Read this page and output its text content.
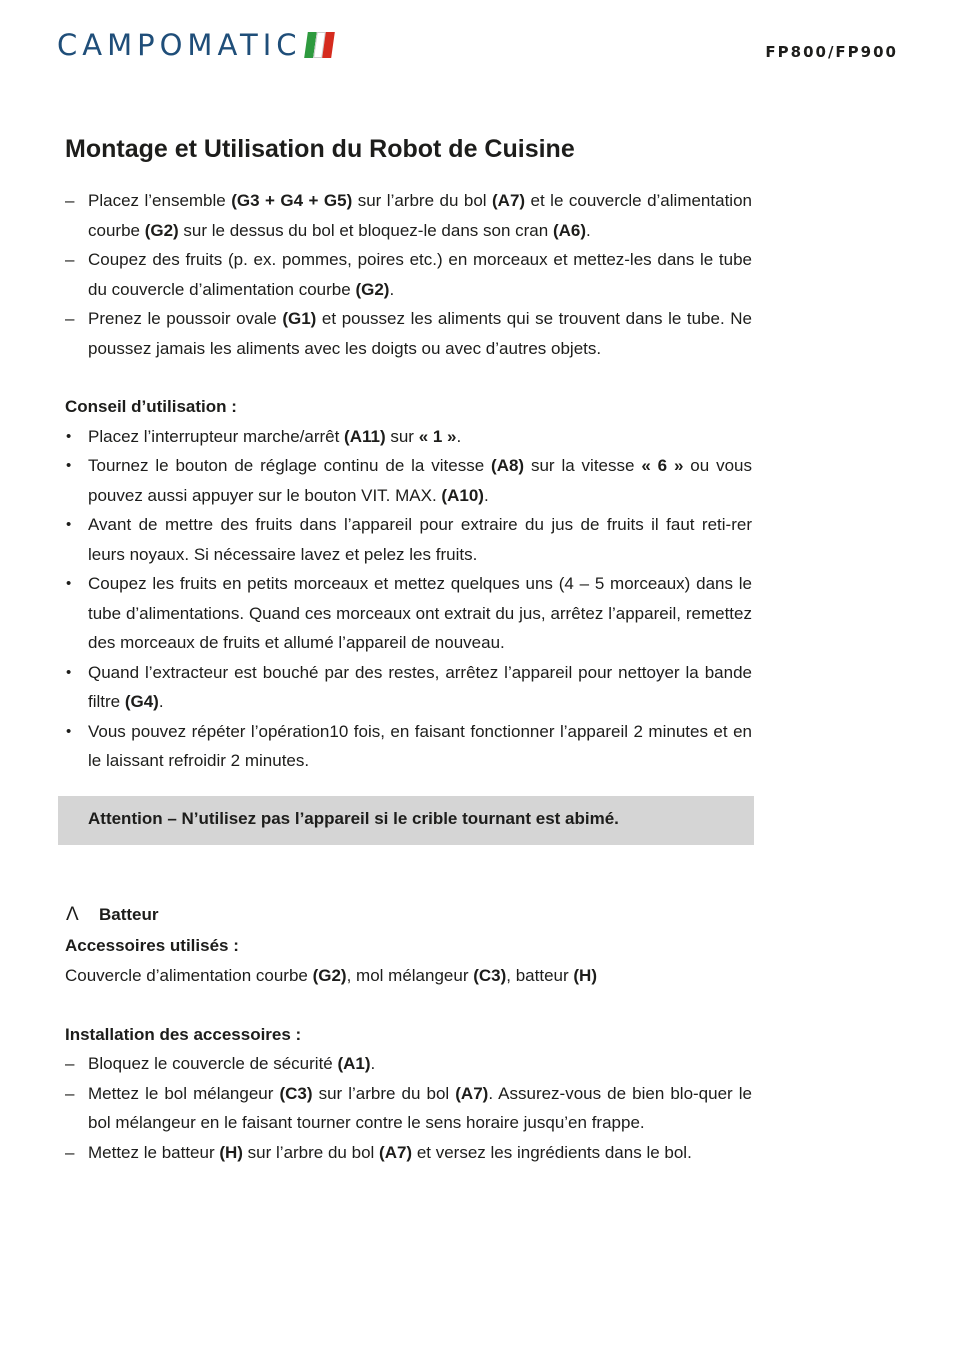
CAMPOMATIC	FP800/FP900
Montage et Utilisation du Robot de Cuisine
– Placez l’ensemble (G3 + G4 + G5) sur l’arbre du bol (A7) et le couvercle d’alimentation courbe (G2) sur le dessus du bol et bloquez-le dans son cran (A6).
– Coupez des fruits (p. ex. pommes, poires etc.) en morceaux et mettez-les dans le tube du couvercle d’alimentation courbe (G2).
– Prenez le poussoir ovale (G1) et poussez les aliments qui se trouvent dans le tube. Ne poussez jamais les aliments avec les doigts ou avec d’autres objets.
Conseil d’utilisation :
• Placez l’interrupteur marche/arrêt (A11) sur « 1 ».
• Tournez le bouton de réglage continu de la vitesse (A8) sur la vitesse « 6 » ou vous pouvez aussi appuyer sur le bouton VIT. MAX. (A10).
• Avant de mettre des fruits dans l’appareil pour extraire du jus de fruits il faut reti-rer leurs noyaux. Si nécessaire lavez et pelez les fruits.
• Coupez les fruits en petits morceaux et mettez quelques uns (4 – 5 morceaux) dans le tube d’alimentations. Quand ces morceaux ont extrait du jus, arrêtez l’appareil, remettez des morceaux de fruits et allumé l’appareil de nouveau.
• Quand l’extracteur est bouché par des restes, arrêtez l’appareil pour nettoyer la bande filtre (G4).
• Vous pouvez répéter l’opération10 fois, en faisant fonctionner l’appareil 2 minutes et en le laissant refroidir 2 minutes.
Attention – N’utilisez pas l’appareil si le crible tournant est abimé.
Λ Batteur
Accessoires utilisés :
Couvercle d’alimentation courbe (G2), mol mélangeur (C3), batteur (H)
Installation des accessoires :
– Bloquez le couvercle de sécurité (A1).
– Mettez le bol mélangeur (C3) sur l’arbre du bol (A7). Assurez-vous de bien blo-quer le bol mélangeur en le faisant tourner contre le sens horaire jusqu’en frappe.
– Mettez le batteur (H) sur l’arbre du bol (A7) et versez les ingrédients dans le bol.
